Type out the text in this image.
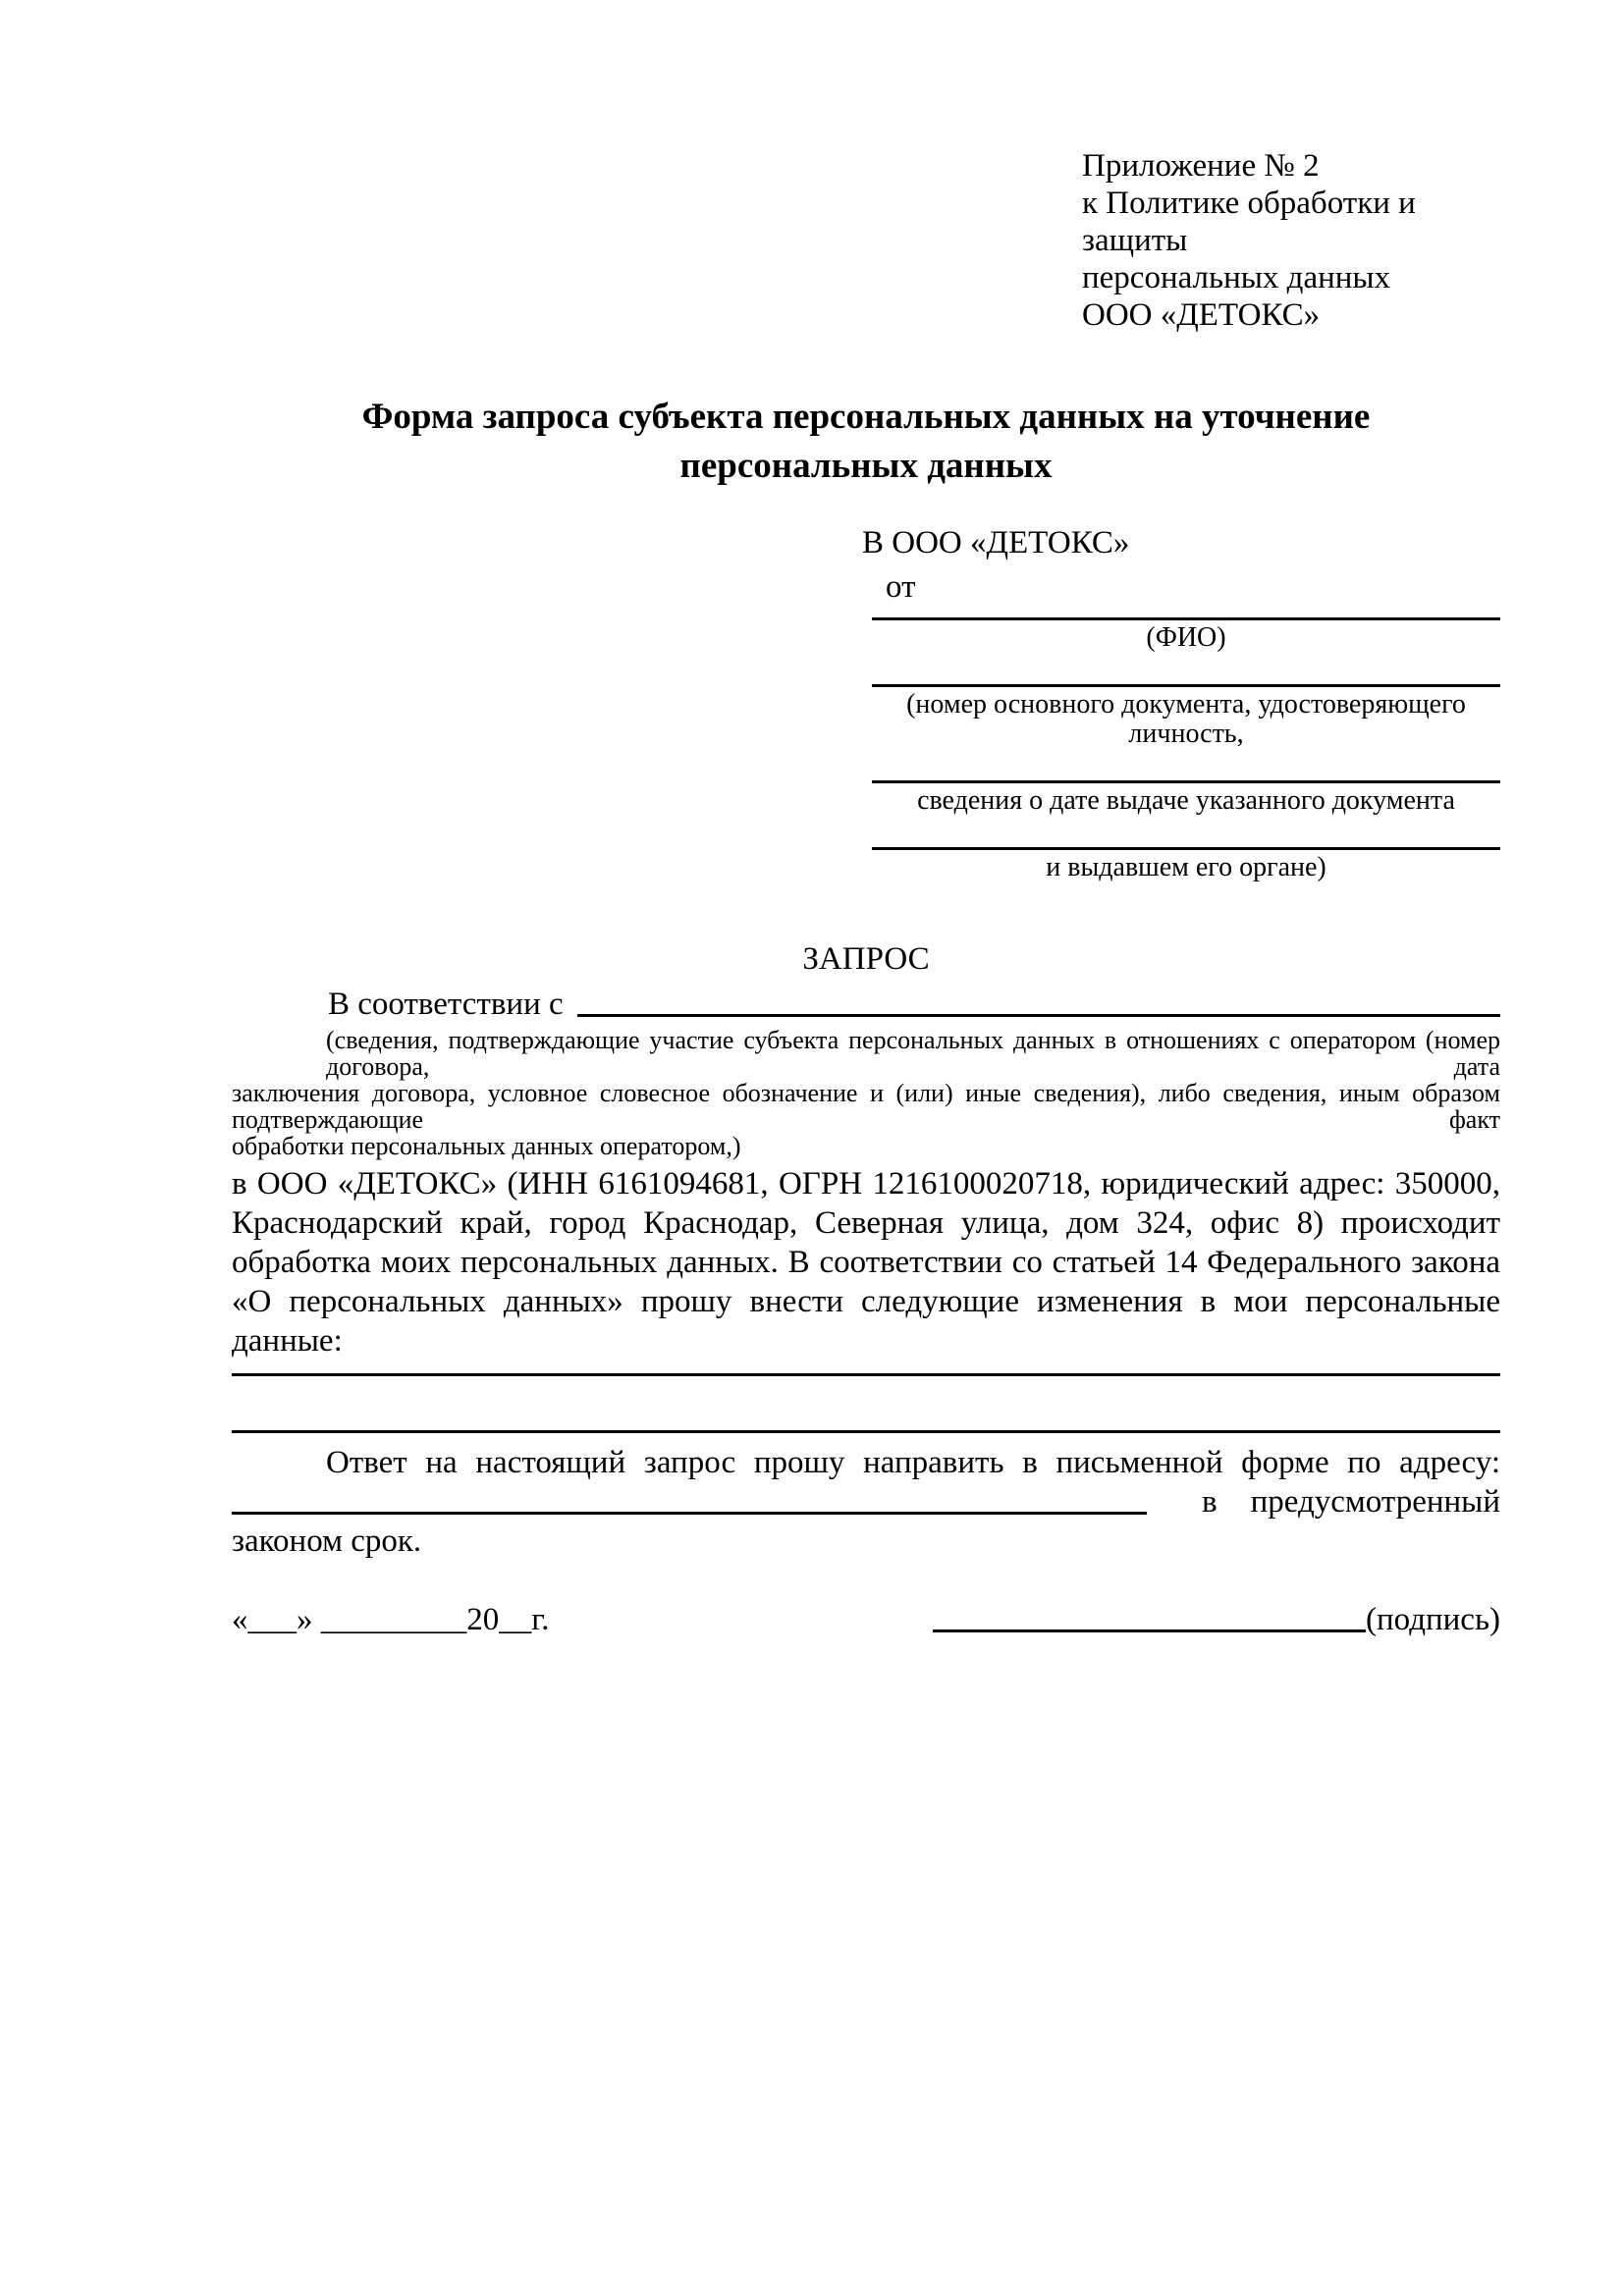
Приложение № 2
к Политике обработки и защиты
персональных данных
ООО «ДЕТОКС»
Форма запроса субъекта персональных данных на уточнение
персональных данных
В ООО «ДЕТОКС»
от
(ФИО)
(номер основного документа, удостоверяющего личность,
сведения о дате выдаче указанного документа
и выдавшем его органе)
ЗАПРОС
В соответствии с
(сведения, подтверждающие участие субъекта персональных данных в отношениях с оператором (номер договора, дата
заключения договора, условное словесное обозначение и (или) иные сведения), либо сведения, иным образом подтверждающие факт
обработки персональных данных оператором,)
в ООО «ДЕТОКС» (ИНН 6161094681, ОГРН 1216100020718, юридический адрес: 350000,
Краснодарский край, город Краснодар, Северная улица, дом 324, офис 8) происходит
обработка моих персональных данных. В соответствии со статьей 14 Федерального закона
«О персональных данных» прошу внести следующие изменения в мои персональные
данные:
Ответ на настоящий запрос прошу направить в письменной форме по адресу:
в предусмотренный
законом срок.
«___» _________20__г.	(подпись)
